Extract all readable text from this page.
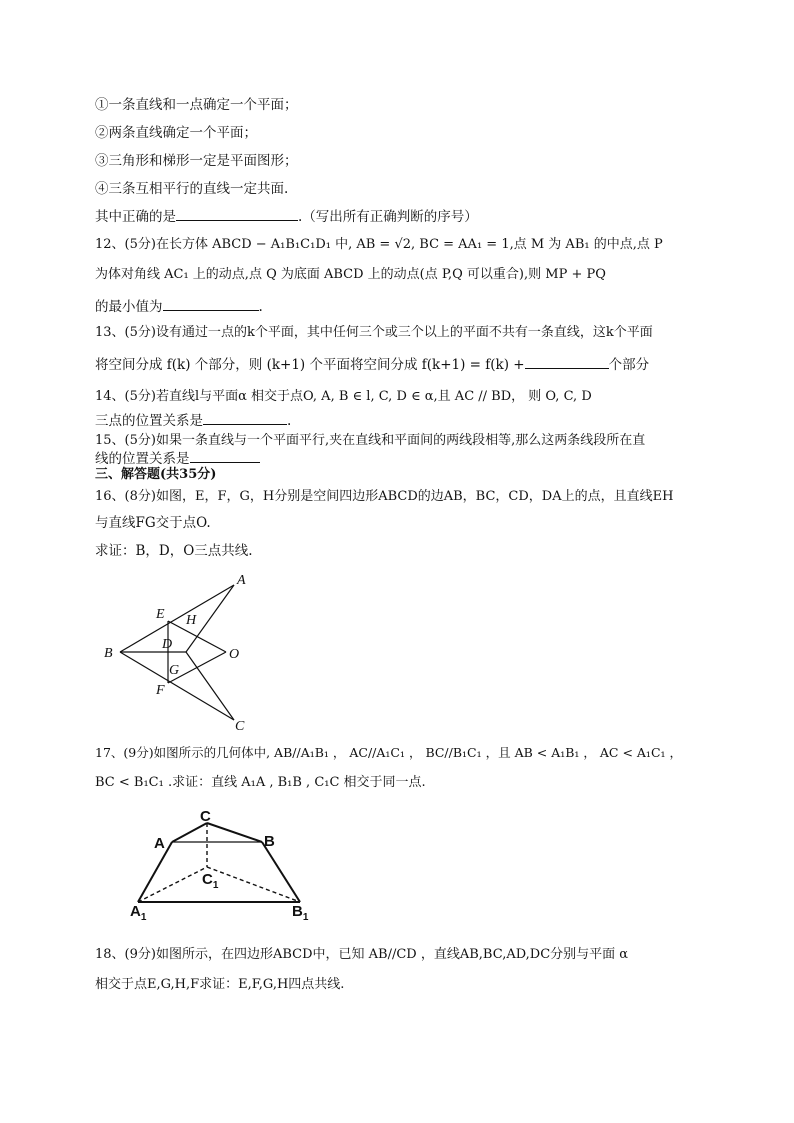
①一条直线和一点确定一个平面；
②两条直线确定一个平面；
③三角形和梯形一定是平面图形；
④三条互相平行的直线一定共面.
其中正确的是	.（写出所有正确判断的序号）
12、(5分)在长方体 ABCD − A₁B₁C₁D₁ 中, AB = √2, BC = AA₁ = 1,点 M 为 AB₁ 的中点,点 P
为体对角线 AC₁ 上的动点,点 Q 为底面 ABCD 上的动点(点 P,Q 可以重合),则 MP + PQ
的最小值为	.
13、(5分)设有通过一点的k个平面，其中任何三个或三个以上的平面不共有一条直线，这k个平面
将空间分成 f(k) 个部分，则 (k+1) 个平面将空间分成 f(k+1) = f(k) +	个部分
14、(5分)若直线l与平面α 相交于点O, A, B ∈ l, C, D ∈ α,且 AC // BD， 则 O, C, D
三点的位置关系是	.
15、(5分)如果一条直线与一个平面平行,夹在直线和平面间的两线段相等,那么这两条线段所在直
线的位置关系是
三、解答题(共35分)
16、(8分)如图，E，F，G，H分别是空间四边形ABCD的边AB，BC，CD，DA上的点，且直线EH
与直线FG交于点O.
求证：B，D，O三点共线.
A
B
C
D
E
F
G
H
O
17、(9分)如图所示的几何体中, AB//A₁B₁ ， AC//A₁C₁ ， BC//B₁C₁ ，且 AB < A₁B₁ ， AC < A₁C₁ ，
BC < B₁C₁ .求证：直线 A₁A , B₁B , C₁C 相交于同一点.
C
A	B
$C_1$
$A_1$	$B_1$
18、(9分)如图所示，在四边形ABCD中，已知 AB//CD ，直线AB,BC,AD,DC分别与平面 α
相交于点E,G,H,F求证：E,F,G,H四点共线.
